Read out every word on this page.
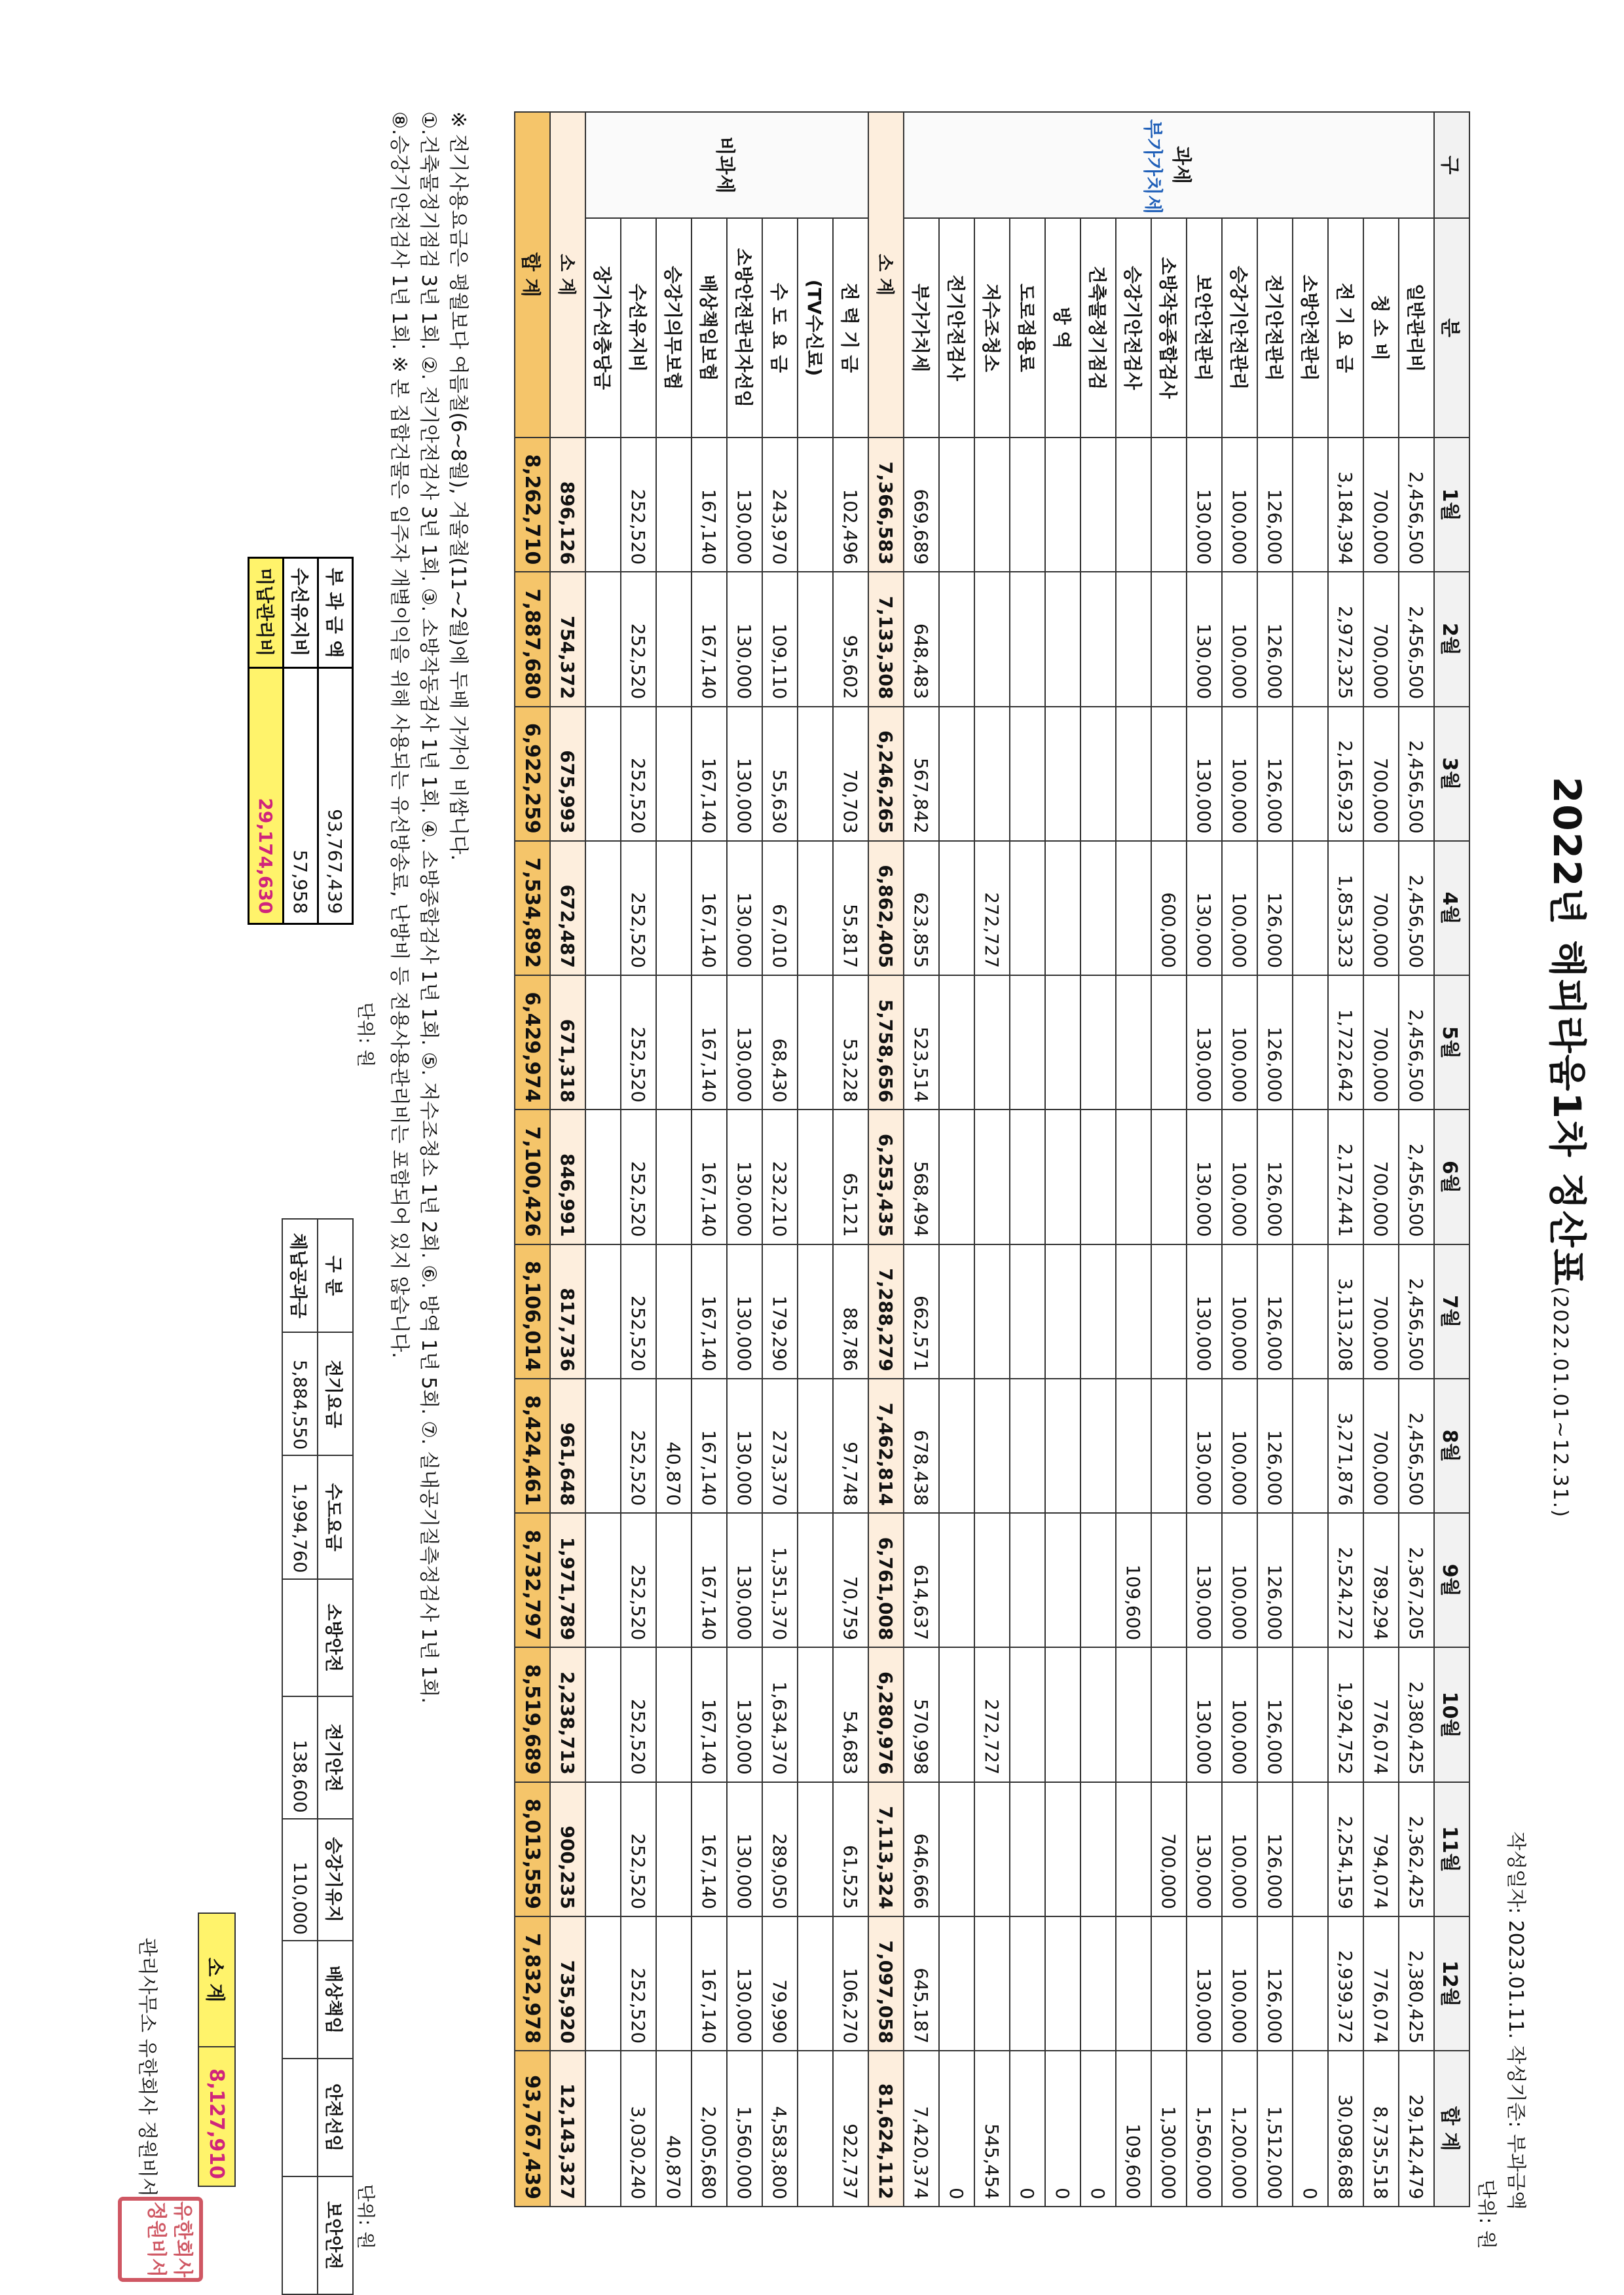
2022년 해피라움1차 정산표(2022.01.01~12.31.)
작성일자: 2023.01.11. 작성기준: 부과금액
단위: 원
구	분	1월	2월	3월	4월	5월	6월	7월	8월	9월	10월	11월	12월	합 계

과세
부가가치세	일반관리비	2,456,500	2,456,500	2,456,500	2,456,500	2,456,500	2,456,500	2,456,500	2,456,500	2,367,205	2,380,425	2,362,425	2,380,425	29,142,479
	청 소 비	700,000	700,000	700,000	700,000	700,000	700,000	700,000	700,000	789,294	776,074	794,074	776,074	8,735,518
	전 기 요 금	3,184,394	2,972,325	2,165,923	1,853,323	1,722,642	2,172,441	3,113,208	3,271,876	2,524,272	1,924,752	2,254,159	2,939,372	30,098,688
	소방안전관리													0
	전기안전관리	126,000	126,000	126,000	126,000	126,000	126,000	126,000	126,000	126,000	126,000	126,000	126,000	1,512,000
	승강기안전관리	100,000	100,000	100,000	100,000	100,000	100,000	100,000	100,000	100,000	100,000	100,000	100,000	1,200,000
	보안안전관리	130,000	130,000	130,000	130,000	130,000	130,000	130,000	130,000	130,000	130,000	130,000	130,000	1,560,000
	소방작동종합검사				600,000							700,000		1,300,000
	승강기안전검사									109,600				109,600
	건축물정기점검													0
	방 역													0
	도로점용료													0
	저수조청소				272,727						272,727			545,454
	전기안전검사													0
	부가가치세	669,689	648,483	567,842	623,855	523,514	568,494	662,571	678,438	614,637	570,998	646,666	645,187	7,420,374
소 계		7,366,583	7,133,308	6,246,265	6,862,405	5,758,656	6,253,435	7,288,279	7,462,814	6,761,008	6,280,976	7,113,324	7,097,058	81,624,112
비과세	전 력 기 금	102,496	95,602	70,703	55,817	53,228	65,121	88,786	97,748	70,759	54,683	61,525	106,270	922,737
	(TV수신료)													
	수 도 요 금	243,970	109,110	55,630	67,010	68,430	232,210	179,290	273,370	1,351,370	1,634,370	289,050	79,990	4,583,800
	소방안전관리자선임	130,000	130,000	130,000	130,000	130,000	130,000	130,000	130,000	130,000	130,000	130,000	130,000	1,560,000
	배상책임보험	167,140	167,140	167,140	167,140	167,140	167,140	167,140	167,140	167,140	167,140	167,140	167,140	2,005,680
	승강기의무보험								40,870					40,870
	수선유지비	252,520	252,520	252,520	252,520	252,520	252,520	252,520	252,520	252,520	252,520	252,520	252,520	3,030,240
	장기수선충당금													
소 계		896,126	754,372	675,993	672,487	671,318	846,991	817,736	961,648	1,971,789	2,238,713	900,235	735,920	12,143,327
합 계		8,262,710	7,887,680	6,922,259	7,534,892	6,429,974	7,100,426	8,106,014	8,424,461	8,732,797	8,519,689	8,013,559	7,832,978	93,767,439
※ 전기사용요금은 평월보다 여름철(6~8월), 겨울철(11~2월)에 두배 가까이 비쌉니다.
①.건축물정기점검 3년 1회. ②. 전기안전검사 3년 1회. ③. 소방작동검사 1년 1회. ④. 소방종합검사 1년 1회. ⑤. 저수조청소 1년 2회. ⑥. 방역 1년 5회. ⑦. 실내공기질측정검사 1년 1회.
⑧.승강기안전검사 1년 1회. ※ 본 집합건물은 입주자 개별이익을 위해 사용되는 유선방송료, 난방비 등 전용사용관리비는 포함되어 있지 않습니다.
단위: 원
단위: 원
부 과 금 액	93,767,439
수선유지비	57,958
미납관리비	29,174,630
구 분	전기요금	수도요금	소방안전	전기안전	승강기유지	배상책임	안전선임	보안안전
체납공과금	5,884,550	1,994,760		138,600	110,000			
소 계	8,127,910
관리사무소 유한회사 정원비서
유한회사
정원비서
